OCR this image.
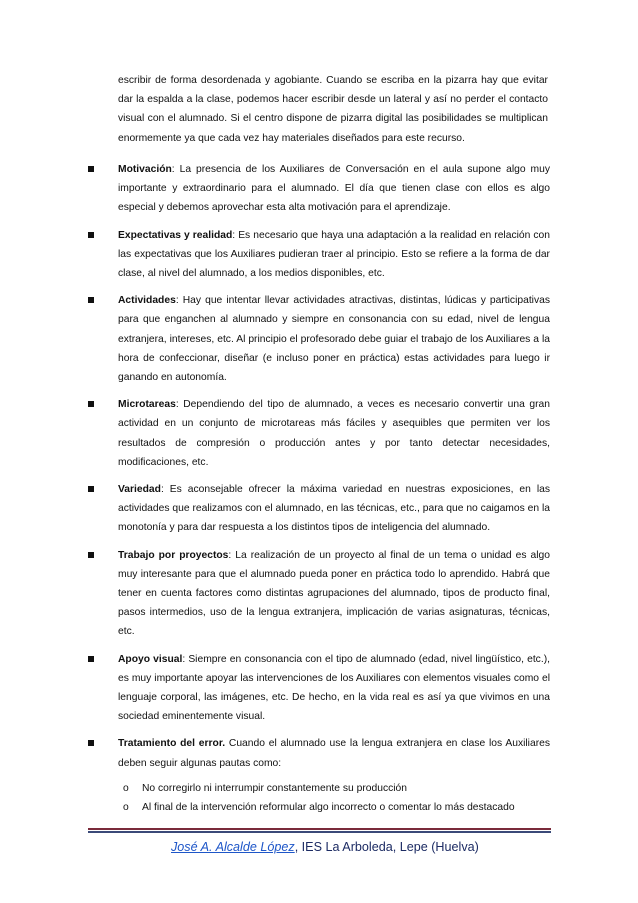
escribir de forma desordenada y agobiante. Cuando se escriba en la pizarra hay que evitar dar la espalda a la clase, podemos hacer escribir desde un lateral y así no perder el contacto visual con el alumnado. Si el centro dispone de pizarra digital las posibilidades se multiplican enormemente ya que cada vez hay materiales diseñados para este recurso.

Motivación: La presencia de los Auxiliares de Conversación en el aula supone algo muy importante y extraordinario para el alumnado. El día que tienen clase con ellos es algo especial y debemos aprovechar esta alta motivación para el aprendizaje.
Expectativas y realidad: Es necesario que haya una adaptación a la realidad en relación con las expectativas que los Auxiliares pudieran traer al principio. Esto se refiere a la forma de dar clase, al nivel del alumnado, a los medios disponibles, etc.
Actividades: Hay que intentar llevar actividades atractivas, distintas, lúdicas y participativas para que enganchen al alumnado y siempre en consonancia con su edad, nivel de lengua extranjera, intereses, etc. Al principio el profesorado debe guiar el trabajo de los Auxiliares a la hora de confeccionar, diseñar (e incluso poner en práctica) estas actividades para luego ir ganando en autonomía.
Microtareas: Dependiendo del tipo de alumnado, a veces es necesario convertir una gran actividad en un conjunto de microtareas más fáciles y asequibles que permiten ver los resultados de compresión o producción antes y por tanto detectar necesidades, modificaciones, etc.
Variedad: Es aconsejable ofrecer la máxima variedad en nuestras exposiciones, en las actividades que realizamos con el alumnado, en las técnicas, etc., para que no caigamos en la monotonía y para dar respuesta a los distintos tipos de inteligencia del alumnado.
Trabajo por proyectos: La realización de un proyecto al final de un tema o unidad es algo muy interesante para que el alumnado pueda poner en práctica todo lo aprendido. Habrá que tener en cuenta factores como distintas agrupaciones del alumnado, tipos de producto final, pasos intermedios, uso de la lengua extranjera, implicación de varias asignaturas, técnicas, etc.
Apoyo visual: Siempre en consonancia con el tipo de alumnado (edad, nivel lingüístico, etc.), es muy importante apoyar las intervenciones de los Auxiliares con elementos visuales como el lenguaje corporal, las imágenes, etc. De hecho, en la vida real es así ya que vivimos en una sociedad eminentemente visual.
Tratamiento del error. Cuando el alumnado use la lengua extranjera en clase los Auxiliares deben seguir algunas pautas como:
o No corregirlo ni interrumpir constantemente su producción
o Al final de la intervención reformular algo incorrecto o comentar lo más destacado
José A. Alcalde López, IES La Arboleda, Lepe (Huelva)
